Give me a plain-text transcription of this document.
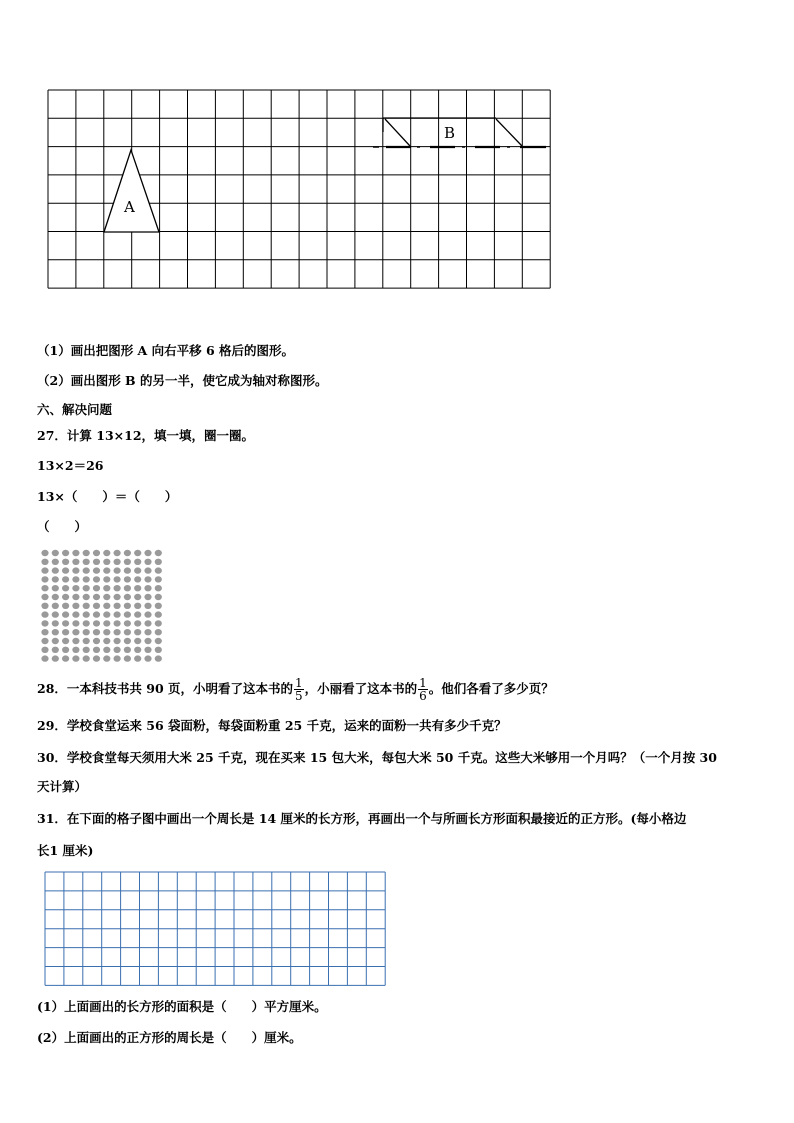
A
B
（1）画出把图形 A 向右平移 6 格后的图形。
（2）画出图形 B 的另一半，使它成为轴对称图形。
六、解决问题
27．计算 13×12，填一填，圈一圈。
13×2＝26
13×（　　）＝（　　）
（　　）
28．一本科技书共 90 页，小明看了这本书的 $\frac{1}{5}$ ，小丽看了这本书的 $\frac{1}{6}$ 。他们各看了多少页？
29．学校食堂运来 56 袋面粉，每袋面粉重 25 千克，运来的面粉一共有多少千克？
30．学校食堂每天须用大米 25 千克，现在买来 15 包大米，每包大米 50 千克。这些大米够用一个月吗？（一个月按 30
天计算）
31．在下面的格子图中画出一个周长是 14 厘米的长方形，再画出一个与所画长方形面积最接近的正方形。(每小格边
长1 厘米)
(1）上面画出的长方形的面积是（　　）平方厘米。
(2）上面画出的正方形的周长是（　　）厘米。
